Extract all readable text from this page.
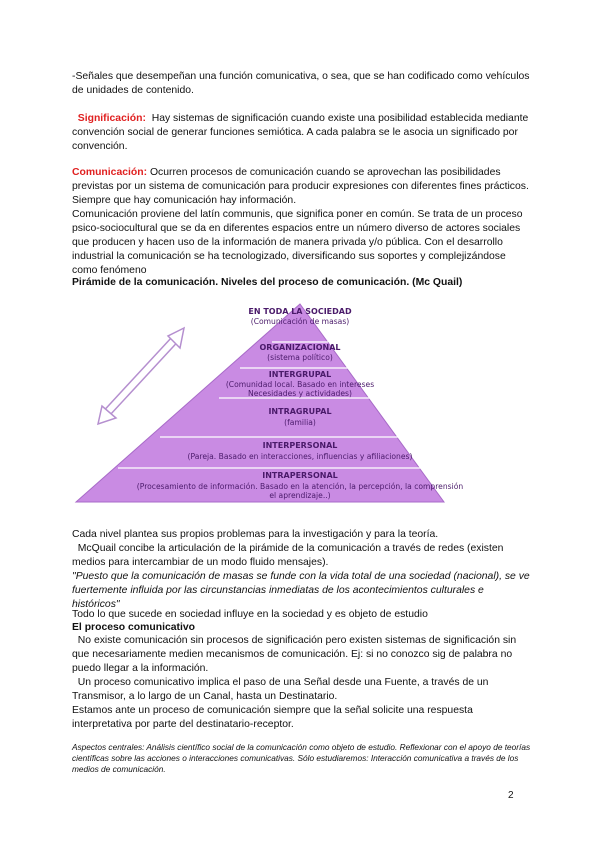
-Señales que desempeñan una función comunicativa, o sea, que se han codificado como vehículos de unidades de contenido.

Significación: Hay sistemas de significación cuando existe una posibilidad establecida mediante convención social de generar funciones semiótica. A cada palabra se le asocia un significado por convención.

Comunicación: Ocurren procesos de comunicación cuando se aprovechan las posibilidades previstas por un sistema de comunicación para producir expresiones con diferentes fines prácticos. Siempre que hay comunicación hay información.

Comunicación proviene del latín communis, que significa poner en común. Se trata de un proceso psico-sociocultural que se da en diferentes espacios entre un número diverso de actores sociales que producen y hacen uso de la información de manera privada y/o pública. Con el desarrollo industrial la comunicación se ha tecnologizado, diversificando sus soportes y complejizándose como fenómeno

Pirámide de la comunicación. Niveles del proceso de comunicación. (Mc Quail)

EN TODA LA SOCIEDAD
(Comunicación de masas)
ORGANIZACIONAL
(sistema político)
INTERGRUPAL
(Comunidad local. Basado en intereses
Necesidades y actividades)
INTRAGRUPAL
(familia)
INTERPERSONAL
(Pareja. Basado en interacciones, influencias y afiliaciones)
INTRAPERSONAL
(Procesamiento de información. Basado en la atención, la percepción, la comprensión
el aprendizaje..)

Cada nivel plantea sus propios problemas para la investigación y para la teoría.

McQuail concibe la articulación de la pirámide de la comunicación a través de redes (existen medios para intercambiar de un modo fluido mensajes).

"Puesto que la comunicación de masas se funde con la vida total de una sociedad (nacional), se ve fuertemente influida por las circunstancias inmediatas de los acontecimientos culturales e históricos"

Todo lo que sucede en sociedad influye en la sociedad y es objeto de estudio

El proceso comunicativo

No existe comunicación sin procesos de significación pero existen sistemas de significación sin que necesariamente medien mecanismos de comunicación. Ej: si no conozco sig de palabra no puedo llegar a la información.

Un proceso comunicativo implica el paso de una Señal desde una Fuente, a través de un Transmisor, a lo largo de un Canal, hasta un Destinatario.

Estamos ante un proceso de comunicación siempre que la señal solicite una respuesta interpretativa por parte del destinatario-receptor.

Aspectos centrales: Análisis científico social de la comunicación como objeto de estudio. Reflexionar con el apoyo de teorías científicas sobre las acciones o interacciones comunicativas. Sólo estudiaremos: Interacción comunicativa a través de los medios de comunicación.

2
